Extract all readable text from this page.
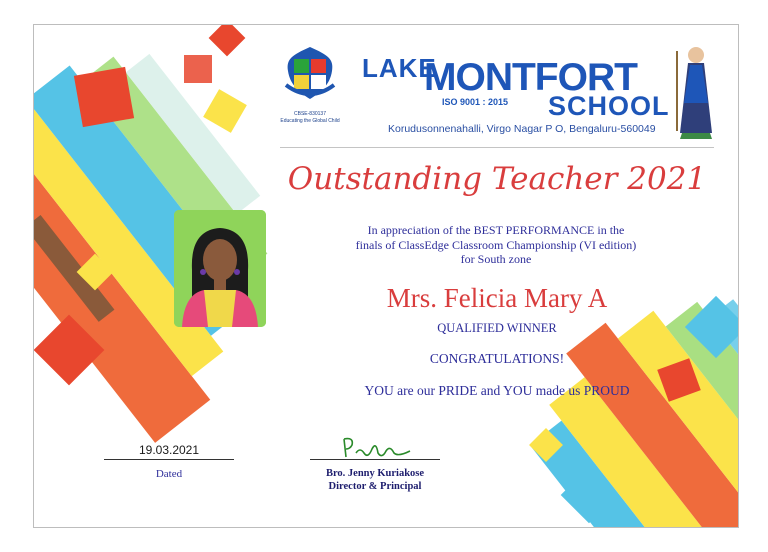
CBSE-830137
Educating the Global Child
LAKE
MONTFORT
ISO 9001 : 2015 SCHOOL
Korudusonnenahalli, Virgo Nagar P O, Bengaluru-560049
Outstanding Teacher 2021
In appreciation of the BEST PERFORMANCE in the
finals of ClassEdge Classroom Championship (VI edition)
for South zone
Mrs. Felicia Mary A
QUALIFIED WINNER
CONGRATULATIONS!
YOU are our PRIDE and YOU made us PROUD
19.03.2021
Dated	Bro. Jenny Kuriakose
Director & Principal
